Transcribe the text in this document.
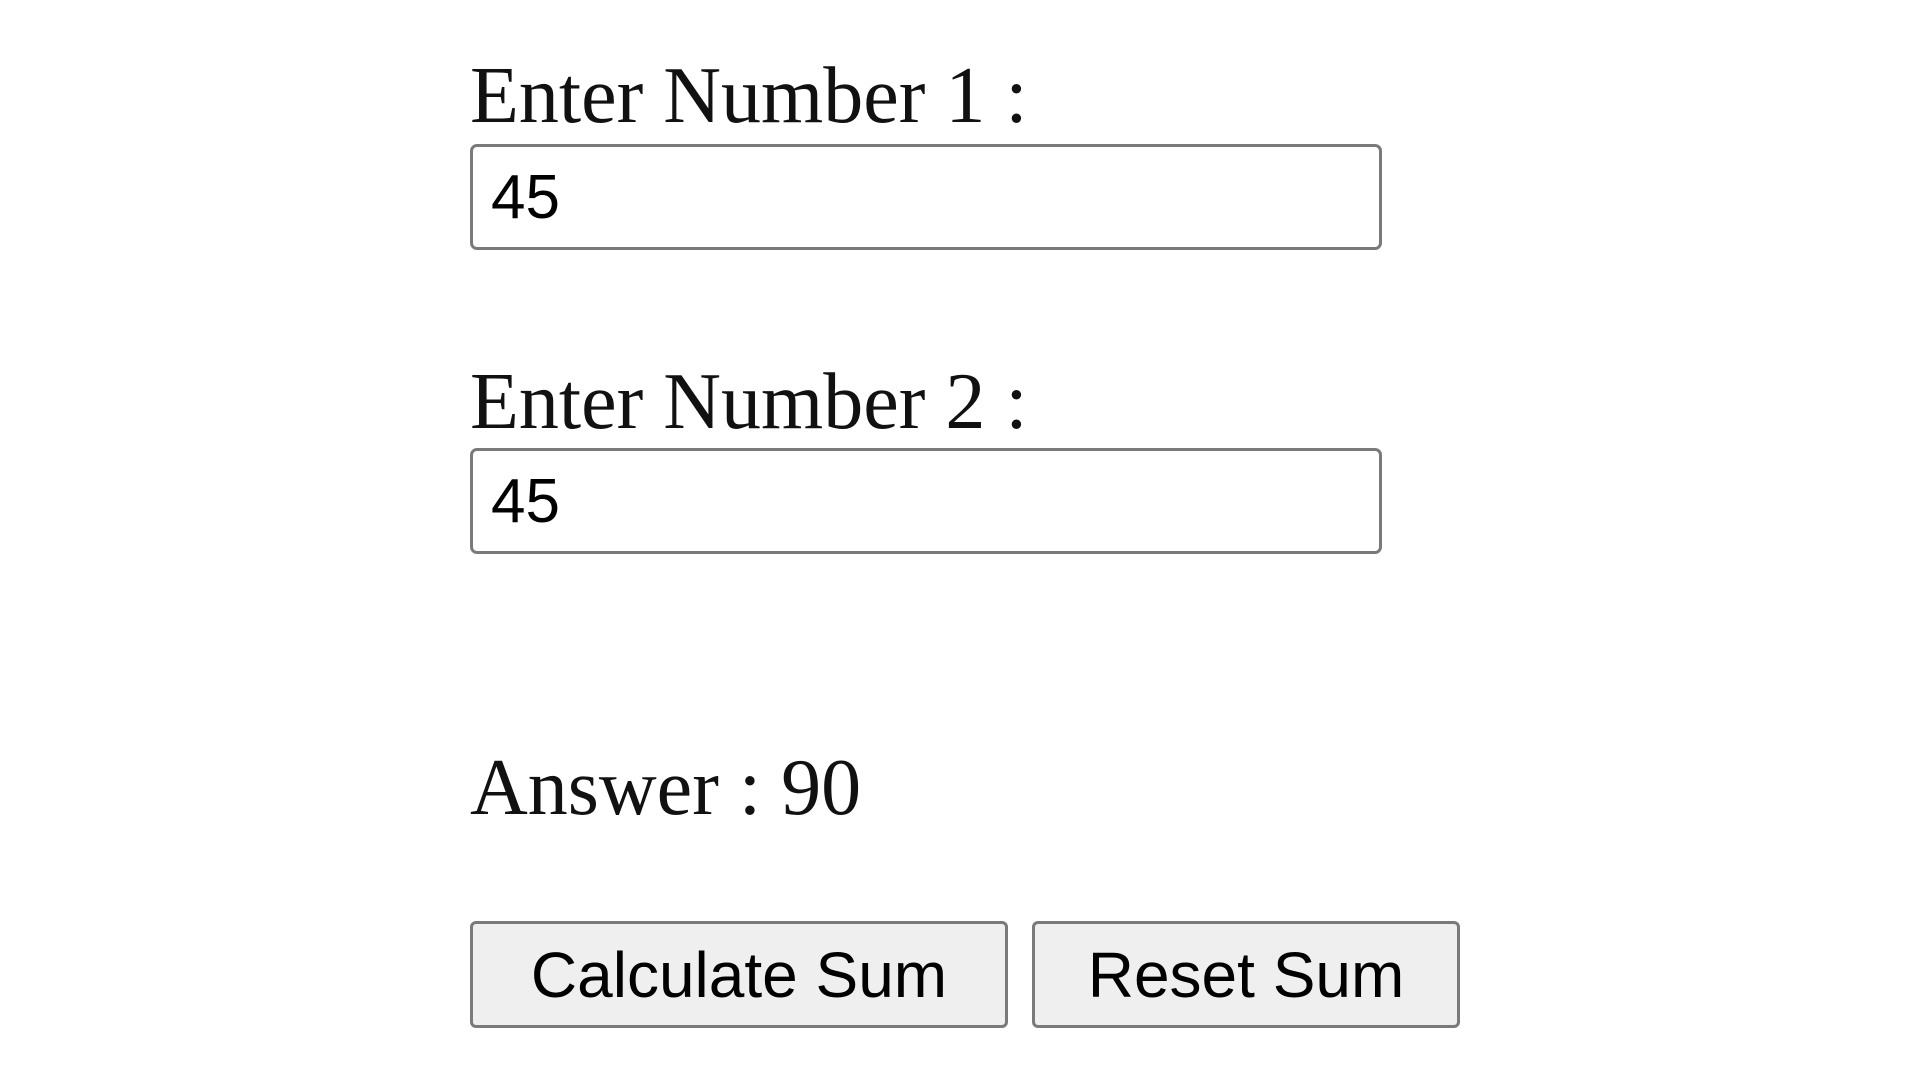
Enter Number 1 :
45
Enter Number 2 :
45
Answer : 90
Calculate Sum	Reset Sum
